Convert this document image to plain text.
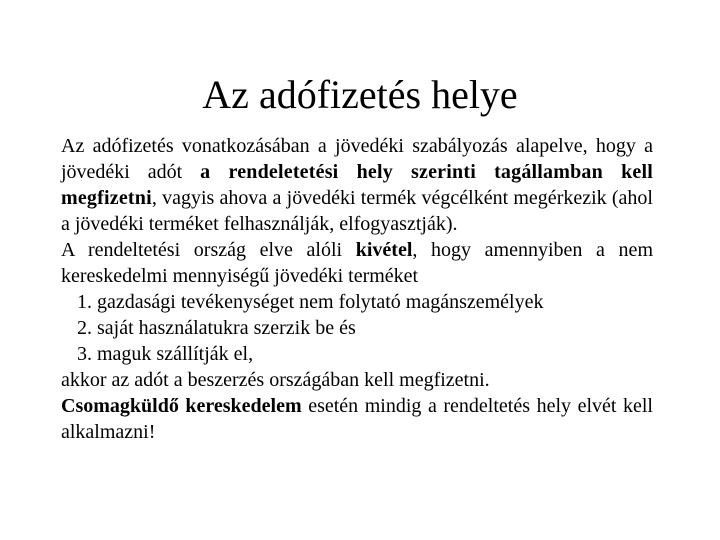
Az adófizetés helye

Az adófizetés vonatkozásában a jövedéki szabályozás alapelve, hogy a jövedéki adót a rendeletetési hely szerinti tagállamban kell megfizetni, vagyis ahova a jövedéki termék végcélként megérkezik (ahol a jövedéki terméket felhasználják, elfogyasztják).

A rendeltetési ország elve alóli kivétel, hogy amennyiben a nem kereskedelmi mennyiségű jövedéki terméket

1. gazdasági tevékenységet nem folytató magánszemélyek

2. saját használatukra szerzik be és

3. maguk szállítják el,

akkor az adót a beszerzés országában kell megfizetni.

Csomagküldő kereskedelem esetén mindig a rendeltetés hely elvét kell alkalmazni!
